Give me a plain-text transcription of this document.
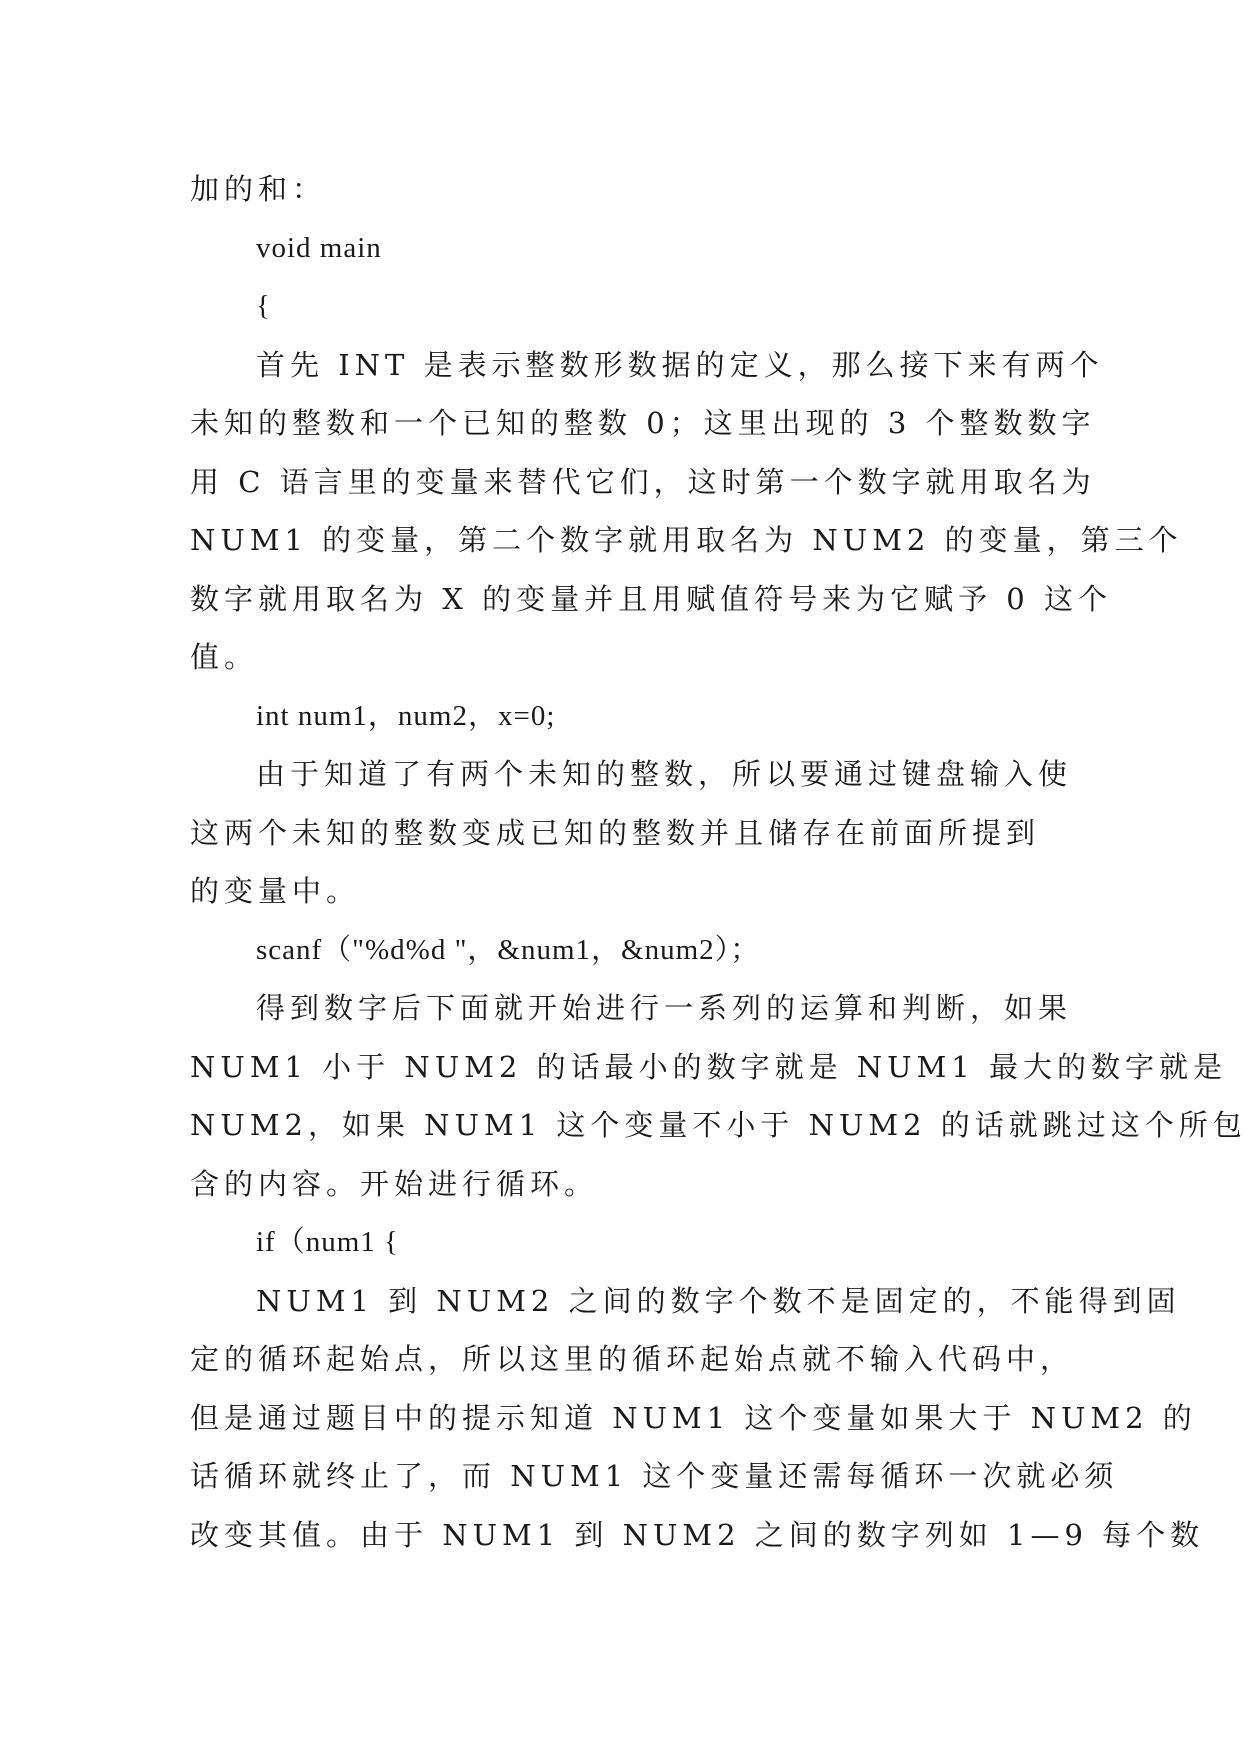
加的和：
void main
{
首先 INT 是表示整数形数据的定义，那么接下来有两个
未知的整数和一个已知的整数 0；这里出现的 3 个整数数字
用 C 语言里的变量来替代它们，这时第一个数字就用取名为
NUM1 的变量，第二个数字就用取名为 NUM2 的变量，第三个
数字就用取名为 X 的变量并且用赋值符号来为它赋予 0 这个
值。
int num1，num2，x=0;
由于知道了有两个未知的整数，所以要通过键盘输入使
这两个未知的整数变成已知的整数并且储存在前面所提到
的变量中。
scanf（"%d%d "，&num1，&num2）；
得到数字后下面就开始进行一系列的运算和判断，如果
NUM1 小于 NUM2 的话最小的数字就是 NUM1 最大的数字就是
NUM2，如果 NUM1 这个变量不小于 NUM2 的话就跳过这个所包
含的内容。开始进行循环。
if（num1 {
NUM1 到 NUM2 之间的数字个数不是固定的，不能得到固
定的循环起始点，所以这里的循环起始点就不输入代码中，
但是通过题目中的提示知道 NUM1 这个变量如果大于 NUM2 的
话循环就终止了，而 NUM1 这个变量还需每循环一次就必须
改变其值。由于 NUM1 到 NUM2 之间的数字列如 1—9 每个数
